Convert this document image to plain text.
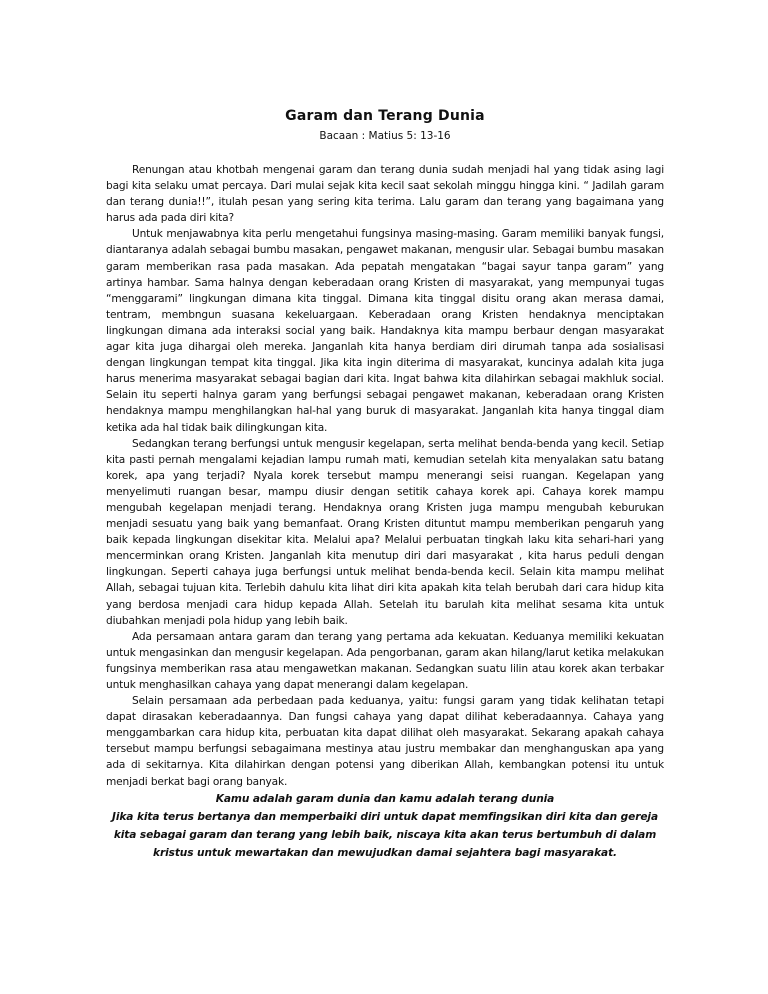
Garam dan Terang Dunia
Bacaan : Matius 5: 13-16

Renungan atau khotbah mengenai garam dan terang dunia sudah menjadi hal yang tidak asing lagi bagi kita selaku umat percaya. Dari mulai sejak kita kecil saat sekolah minggu hingga kini. “ Jadilah garam dan terang dunia!!”, itulah pesan yang sering kita terima. Lalu garam dan terang yang bagaimana yang harus ada pada diri kita?

Untuk menjawabnya kita perlu mengetahui fungsinya masing-masing. Garam memiliki banyak fungsi, diantaranya adalah sebagai bumbu masakan, pengawet makanan, mengusir ular. Sebagai bumbu masakan garam memberikan rasa pada masakan. Ada pepatah mengatakan “bagai sayur tanpa garam” yang artinya hambar. Sama halnya dengan keberadaan orang Kristen di masyarakat, yang mempunyai tugas “menggarami” lingkungan dimana kita tinggal. Dimana kita tinggal disitu orang akan merasa damai, tentram, membngun suasana kekeluargaan. Keberadaan orang Kristen hendaknya menciptakan lingkungan dimana ada interaksi social yang baik. Handaknya kita mampu berbaur dengan masyarakat agar kita juga dihargai oleh mereka. Janganlah kita hanya berdiam diri dirumah tanpa ada sosialisasi dengan lingkungan tempat kita tinggal. Jika kita ingin diterima di masyarakat, kuncinya adalah kita juga harus menerima masyarakat sebagai bagian dari kita. Ingat bahwa kita dilahirkan sebagai makhluk social. Selain itu seperti halnya garam yang berfungsi sebagai pengawet makanan, keberadaan orang Kristen hendaknya mampu menghilangkan hal-hal yang buruk di masyarakat. Janganlah kita hanya tinggal diam ketika ada hal tidak baik dilingkungan kita.

Sedangkan terang berfungsi untuk mengusir kegelapan, serta melihat benda-benda yang kecil. Setiap kita pasti pernah mengalami kejadian lampu rumah mati, kemudian setelah kita menyalakan satu batang korek, apa yang terjadi? Nyala korek tersebut mampu menerangi seisi ruangan. Kegelapan yang menyelimuti ruangan besar, mampu diusir dengan setitik cahaya korek api. Cahaya korek mampu mengubah kegelapan menjadi terang. Hendaknya orang Kristen juga mampu mengubah keburukan menjadi sesuatu yang baik yang bemanfaat. Orang Kristen dituntut mampu memberikan pengaruh yang baik kepada lingkungan disekitar kita. Melalui apa? Melalui perbuatan tingkah laku kita sehari-hari yang mencerminkan orang Kristen. Janganlah kita menutup diri dari masyarakat , kita harus peduli dengan lingkungan. Seperti cahaya juga berfungsi untuk melihat benda-benda kecil. Selain kita mampu melihat Allah, sebagai tujuan kita. Terlebih dahulu kita lihat diri kita apakah kita telah berubah dari cara hidup kita yang berdosa menjadi cara hidup kepada Allah. Setelah itu barulah kita melihat sesama kita untuk diubahkan menjadi pola hidup yang lebih baik.

Ada persamaan antara garam dan terang yang pertama ada kekuatan. Keduanya memiliki kekuatan untuk mengasinkan dan mengusir kegelapan. Ada pengorbanan, garam akan hilang/larut ketika melakukan fungsinya memberikan rasa atau mengawetkan makanan. Sedangkan suatu lilin atau korek akan terbakar untuk menghasilkan cahaya yang dapat menerangi dalam kegelapan.

Selain persamaan ada perbedaan pada keduanya, yaitu: fungsi garam yang tidak kelihatan tetapi dapat dirasakan keberadaannya. Dan fungsi cahaya yang dapat dilihat keberadaannya. Cahaya yang menggambarkan cara hidup kita, perbuatan kita dapat dilihat oleh masyarakat. Sekarang apakah cahaya tersebut mampu berfungsi sebagaimana mestinya atau justru membakar dan menghanguskan apa yang ada di sekitarnya. Kita dilahirkan dengan potensi yang diberikan Allah, kembangkan potensi itu untuk menjadi berkat bagi orang banyak.

Kamu adalah garam dunia dan kamu adalah terang dunia

Jika kita terus bertanya dan memperbaiki diri untuk dapat memfingsikan diri kita dan gereja kita sebagai garam dan terang yang lebih baik, niscaya kita akan terus bertumbuh di dalam kristus untuk mewartakan dan mewujudkan damai sejahtera bagi masyarakat.
